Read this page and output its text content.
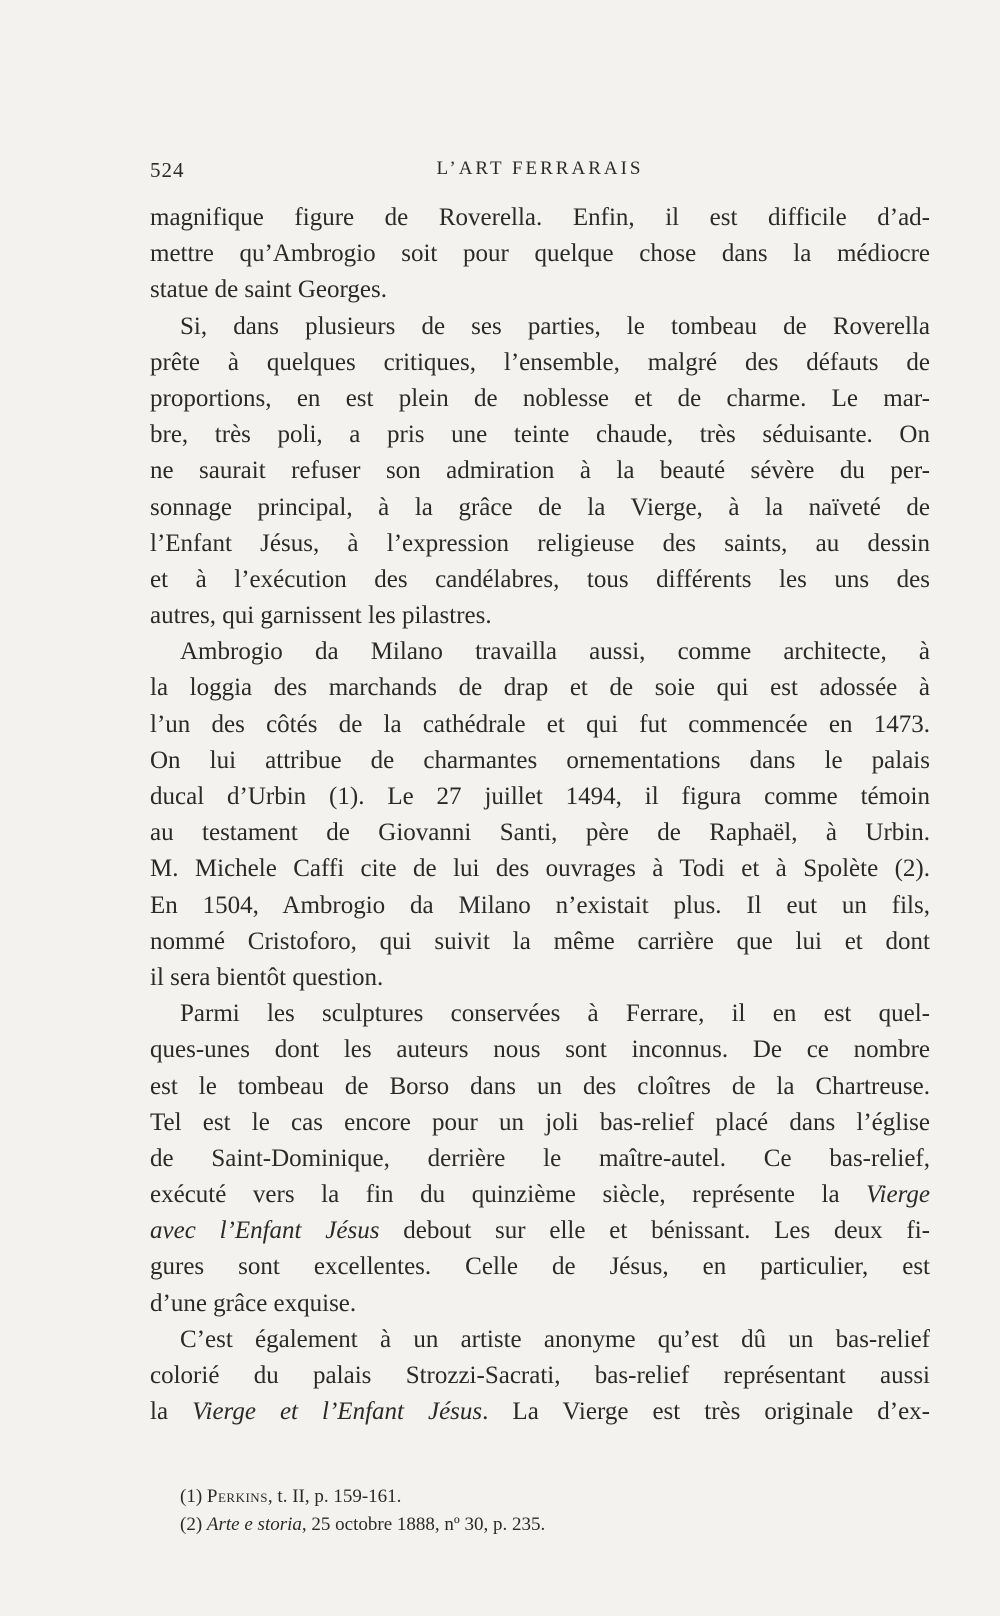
524	L’ART FERRARAIS
magnifique figure de Roverella. Enfin, il est difficile d’ad-
mettre qu’Ambrogio soit pour quelque chose dans la médiocre
statue de saint Georges.
Si, dans plusieurs de ses parties, le tombeau de Roverella
prête à quelques critiques, l’ensemble, malgré des défauts de
proportions, en est plein de noblesse et de charme. Le mar-
bre, très poli, a pris une teinte chaude, très séduisante. On
ne saurait refuser son admiration à la beauté sévère du per-
sonnage principal, à la grâce de la Vierge, à la naïveté de
l’Enfant Jésus, à l’expression religieuse des saints, au dessin
et à l’exécution des candélabres, tous différents les uns des
autres, qui garnissent les pilastres.
Ambrogio da Milano travailla aussi, comme architecte, à
la loggia des marchands de drap et de soie qui est adossée à
l’un des côtés de la cathédrale et qui fut commencée en 1473.
On lui attribue de charmantes ornementations dans le palais
ducal d’Urbin (1). Le 27 juillet 1494, il figura comme témoin
au testament de Giovanni Santi, père de Raphaël, à Urbin.
M. Michele Caffi cite de lui des ouvrages à Todi et à Spolète (2).
En 1504, Ambrogio da Milano n’existait plus. Il eut un fils,
nommé Cristoforo, qui suivit la même carrière que lui et dont
il sera bientôt question.
Parmi les sculptures conservées à Ferrare, il en est quel-
ques-unes dont les auteurs nous sont inconnus. De ce nombre
est le tombeau de Borso dans un des cloîtres de la Chartreuse.
Tel est le cas encore pour un joli bas-relief placé dans l’église
de Saint-Dominique, derrière le maître-autel. Ce bas-relief,
exécuté vers la fin du quinzième siècle, représente la Vierge
avec l’Enfant Jésus debout sur elle et bénissant. Les deux fi-
gures sont excellentes. Celle de Jésus, en particulier, est
d’une grâce exquise.
C’est également à un artiste anonyme qu’est dû un bas-relief
colorié du palais Strozzi-Sacrati, bas-relief représentant aussi
la Vierge et l’Enfant Jésus. La Vierge est très originale d’ex-
(1) Perkins, t. II, p. 159-161.
(2) Arte e storia, 25 octobre 1888, nº 30, p. 235.
